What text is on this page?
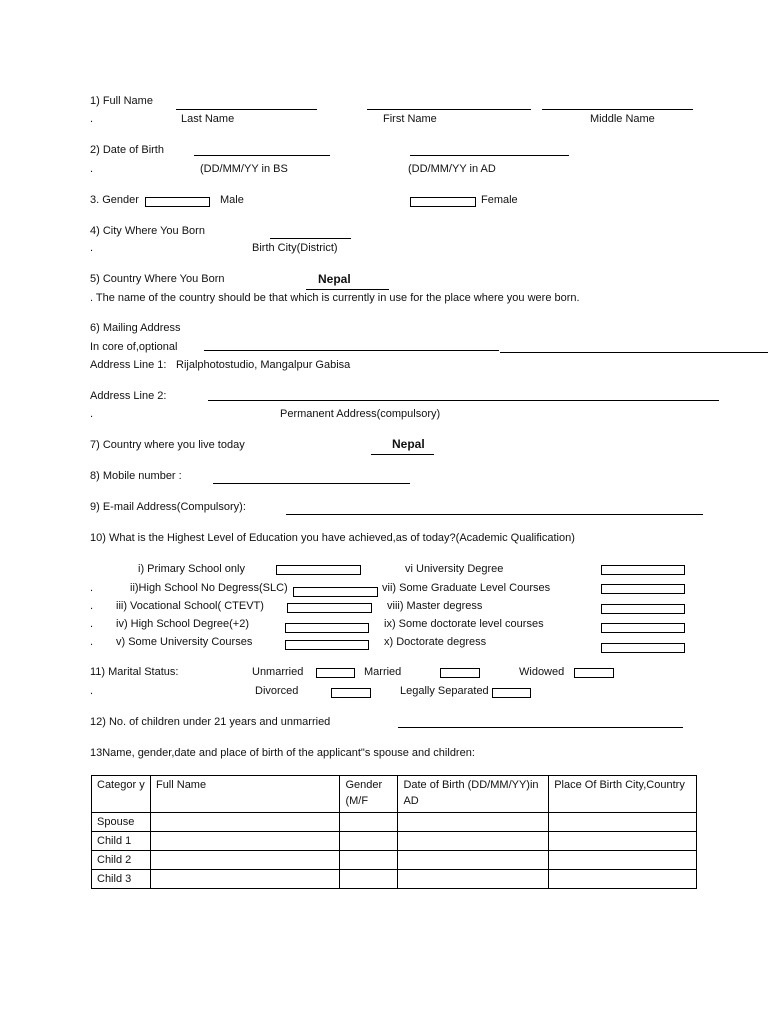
1) Full Name
.	Last Name	First Name	Middle Name
2) Date of Birth
.	(DD/MM/YY in BS	(DD/MM/YY in AD
3. Gender	Male	Female
4) City Where You Born
.	Birth City(District)
5) Country Where You Born	Nepal
. The name of the country should be that which is currently in use for the place where you were born.
6) Mailing Address
In core of,optional
Address Line 1: Rijalphotostudio, Mangalpur Gabisa
Address Line 2:
.	Permanent Address(compulsory)
7) Country where you live today	Nepal
8) Mobile number :
9) E-mail Address(Compulsory):
10) What is the Highest Level of Education you have achieved,as of today?(Academic Qualification)
i) Primary School only	vi University Degree
.	ii)High School No Degress(SLC)	vii) Some Graduate Level Courses
. iii) Vocational School( CTEVT)	viii) Master degress
. iv) High School Degree(+2)	ix) Some doctorate level courses
. v) Some University Courses	x) Doctorate degress
11) Marital Status:	Unmarried	Married	Widowed
.	Divorced	Legally Separated
12) No. of children under 21 years and unmarried
13Name, gender,date and place of birth of the applicant"s spouse and children:
Categor y	Full Name	Gender (M/F	Date of Birth (DD/MM/YY)in AD	Place Of Birth City,Country
Spouse				
Child 1				
Child 2				
Child 3				
